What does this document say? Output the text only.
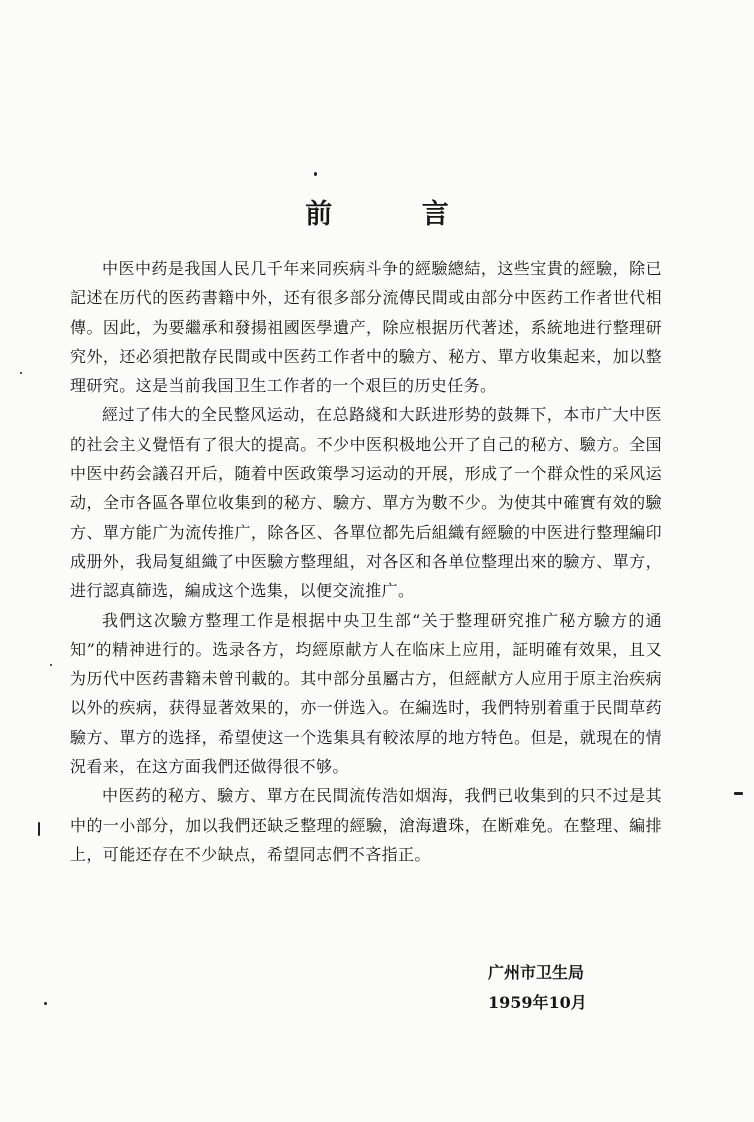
前 言

中医中药是我国人民几千年来同疾病斗争的經驗總結，这些宝貴的經驗，除已記述在历代的医药書籍中外，还有很多部分流傳民間或由部分中医药工作者世代相傳。因此，为要繼承和發揚祖國医學遺产，除应根据历代著述，系統地进行整理研究外，还必須把散存民間或中医药工作者中的驗方、秘方、單方收集起来，加以整理研究。这是当前我国卫生工作者的一个艰巨的历史任务。

經过了伟大的全民整风运动，在总路綫和大跃进形势的鼓舞下，本市广大中医的社会主义覺悟有了很大的提高。不少中医积极地公开了自己的秘方、驗方。全国中医中药会議召开后，随着中医政策學习运动的开展，形成了一个群众性的采风运动，全市各區各單位收集到的秘方、驗方、單方为數不少。为使其中確實有效的驗方、單方能广为流传推广，除各区、各單位都先后組織有經驗的中医进行整理編印成册外，我局复組織了中医驗方整理組，对各区和各单位整理出來的驗方、單方，进行認真篩选，編成这个选集，以便交流推广。

我們这次驗方整理工作是根据中央卫生部“关于整理研究推广秘方驗方的通知”的精神进行的。选录各方，均經原献方人在临床上应用，証明確有效果，且又为历代中医药書籍未曾刊載的。其中部分虽屬古方，但經献方人应用于原主治疾病以外的疾病，获得显著效果的，亦一併选入。在編选时，我們特别着重于民間草药驗方、單方的选择，希望使这一个选集具有較浓厚的地方特色。但是，就現在的情況看来，在这方面我們还做得很不够。

中医药的秘方、驗方、單方在民間流传浩如烟海，我們已收集到的只不过是其中的一小部分，加以我們还缺乏整理的經驗，滄海遺珠，在断难免。在整理、編排上，可能还存在不少缺点，希望同志們不吝指正。

广州市卫生局
1959年10月
